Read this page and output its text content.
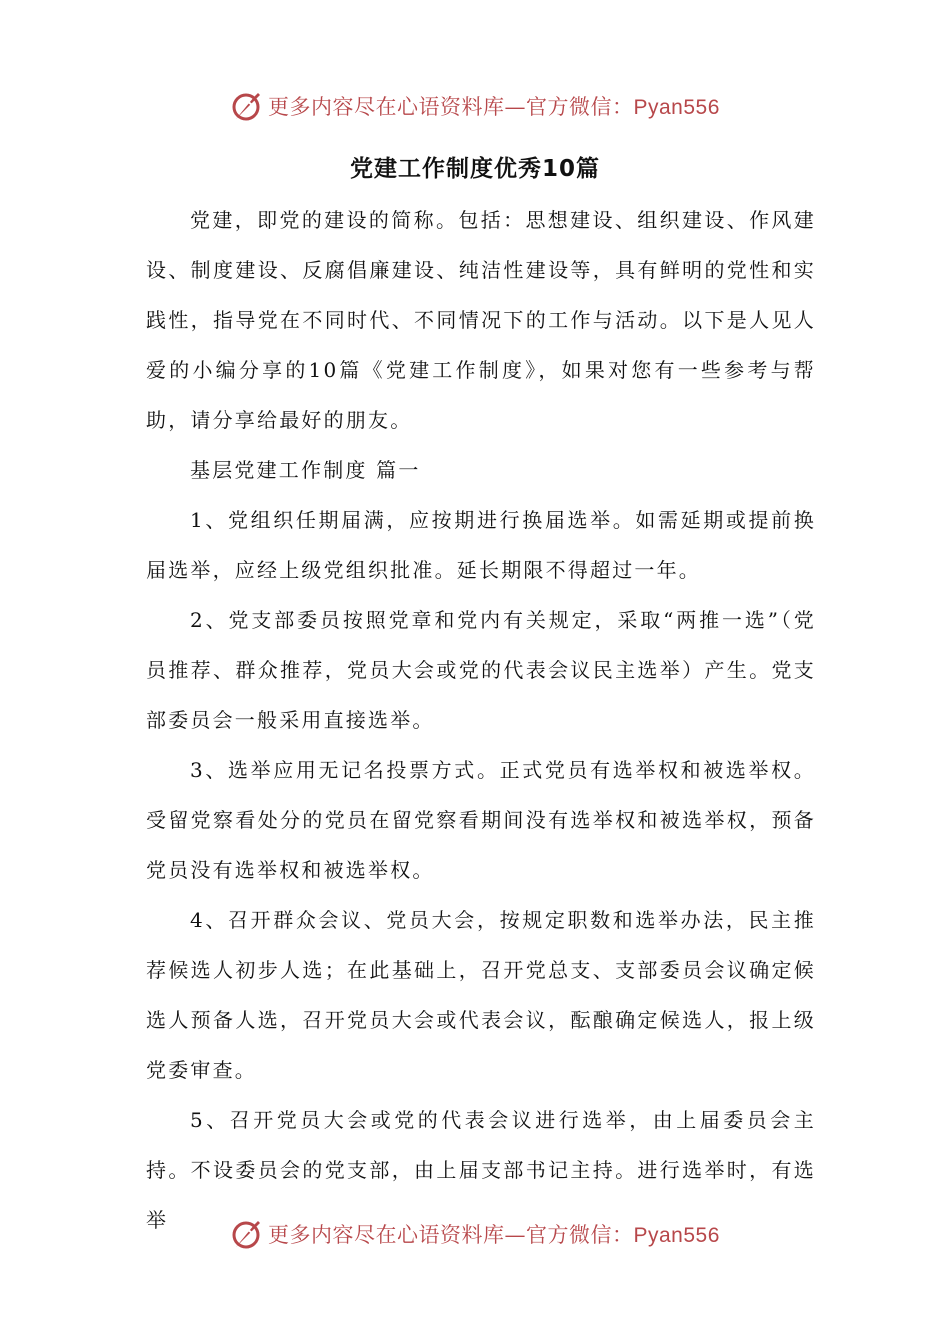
更多内容尽在心语资料库—官方微信：Pyan556
党建工作制度优秀10篇

党建，即党的建设的简称。包括：思想建设、组织建设、作风建设、制度建设、反腐倡廉建设、纯洁性建设等，具有鲜明的党性和实践性，指导党在不同时代、不同情况下的工作与活动。以下是人见人爱的小编分享的10篇《党建工作制度》，如果对您有一些参考与帮助，请分享给最好的朋友。

基层党建工作制度 篇一

1、党组织任期届满，应按期进行换届选举。如需延期或提前换届选举，应经上级党组织批准。延长期限不得超过一年。

2、党支部委员按照党章和党内有关规定，采取“两推一选”（党员推荐、群众推荐，党员大会或党的代表会议民主选举）产生。党支部委员会一般采用直接选举。

3、选举应用无记名投票方式。正式党员有选举权和被选举权。受留党察看处分的党员在留党察看期间没有选举权和被选举权，预备党员没有选举权和被选举权。

4、召开群众会议、党员大会，按规定职数和选举办法，民主推荐候选人初步人选；在此基础上，召开党总支、支部委员会议确定候选人预备人选，召开党员大会或代表会议，酝酿确定候选人，报上级党委审查。

5、召开党员大会或党的代表会议进行选举，由上届委员会主持。不设委员会的党支部，由上届支部书记主持。进行选举时，有选举

更多内容尽在心语资料库—官方微信：Pyan556
